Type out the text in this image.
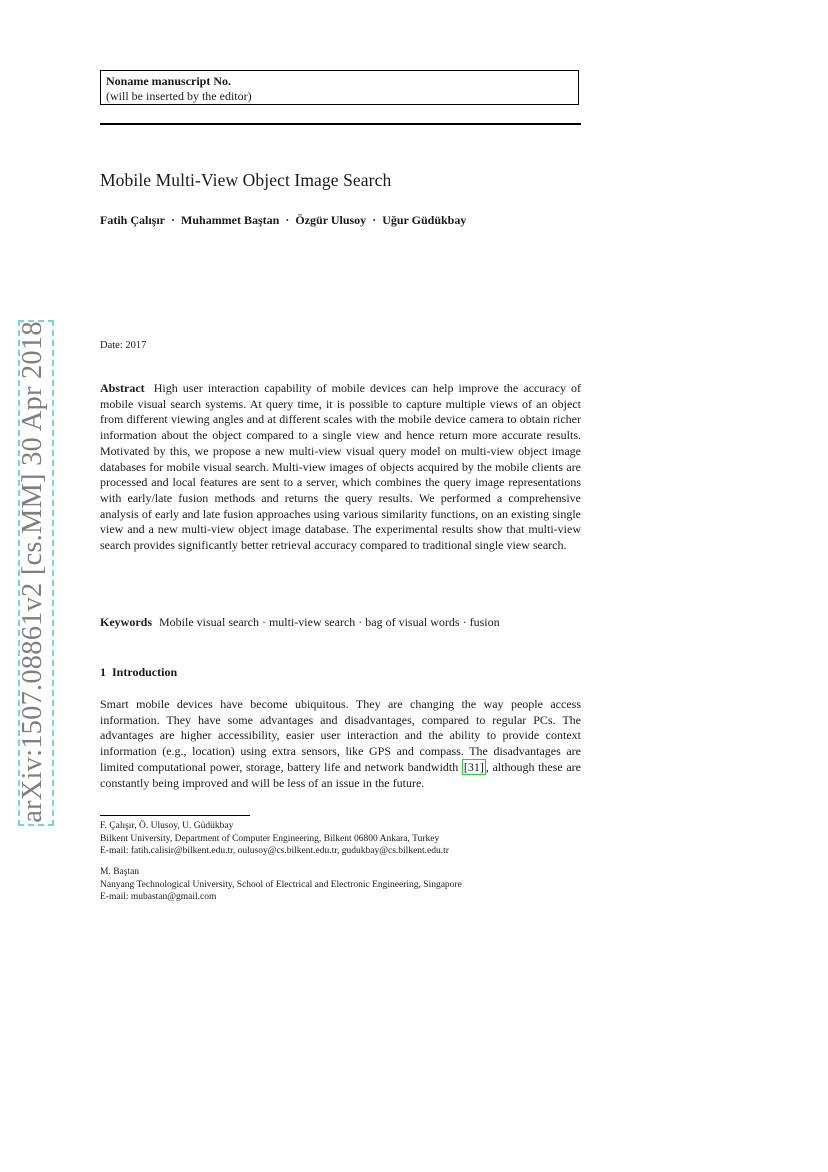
Noname manuscript No.
(will be inserted by the editor)
Mobile Multi-View Object Image Search
Fatih Çalışır · Muhammet Baştan · Özgür Ulusoy · Uğur Güdükbay
arXiv:1507.08861v2 [cs.MM] 30 Apr 2018	Date: 2017
Abstract High user interaction capability of mobile devices can help improve the accuracy of mobile visual search systems. At query time, it is possible to capture multiple views of an object from different viewing angles and at different scales with the mobile device camera to obtain richer information about the object compared to a single view and hence return more accurate results. Motivated by this, we propose a new multi-view visual query model on multi-view object image databases for mobile visual search. Multi-view images of objects acquired by the mobile clients are processed and local features are sent to a server, which combines the query image representations with early/late fusion methods and returns the query results. We performed a comprehensive analysis of early and late fusion approaches using various similarity functions, on an existing single view and a new multi-view object image database. The experimental results show that multi-view search provides significantly better retrieval accuracy compared to traditional single view search.
Keywords Mobile visual search · multi-view search · bag of visual words · fusion
1 Introduction
Smart mobile devices have become ubiquitous. They are changing the way people access information. They have some advantages and disadvantages, compared to regular PCs. The advantages are higher accessibility, easier user interaction and the ability to provide context information (e.g., location) using extra sensors, like GPS and compass. The disadvantages are limited computational power, storage, battery life and network bandwidth [31] , although these are constantly being improved and will be less of an issue in the future.
F. Çalışır, Ö. Ulusoy, U. Güdükbay
Bilkent University, Department of Computer Engineering, Bilkent 06800 Ankara, Turkey
E-mail: fatih.calisir@bilkent.edu.tr, oulusoy@cs.bilkent.edu.tr, gudukbay@cs.bilkent.edu.tr
M. Baştan
Nanyang Technological University, School of Electrical and Electronic Engineering, Singapore
E-mail: mubastan@gmail.com
